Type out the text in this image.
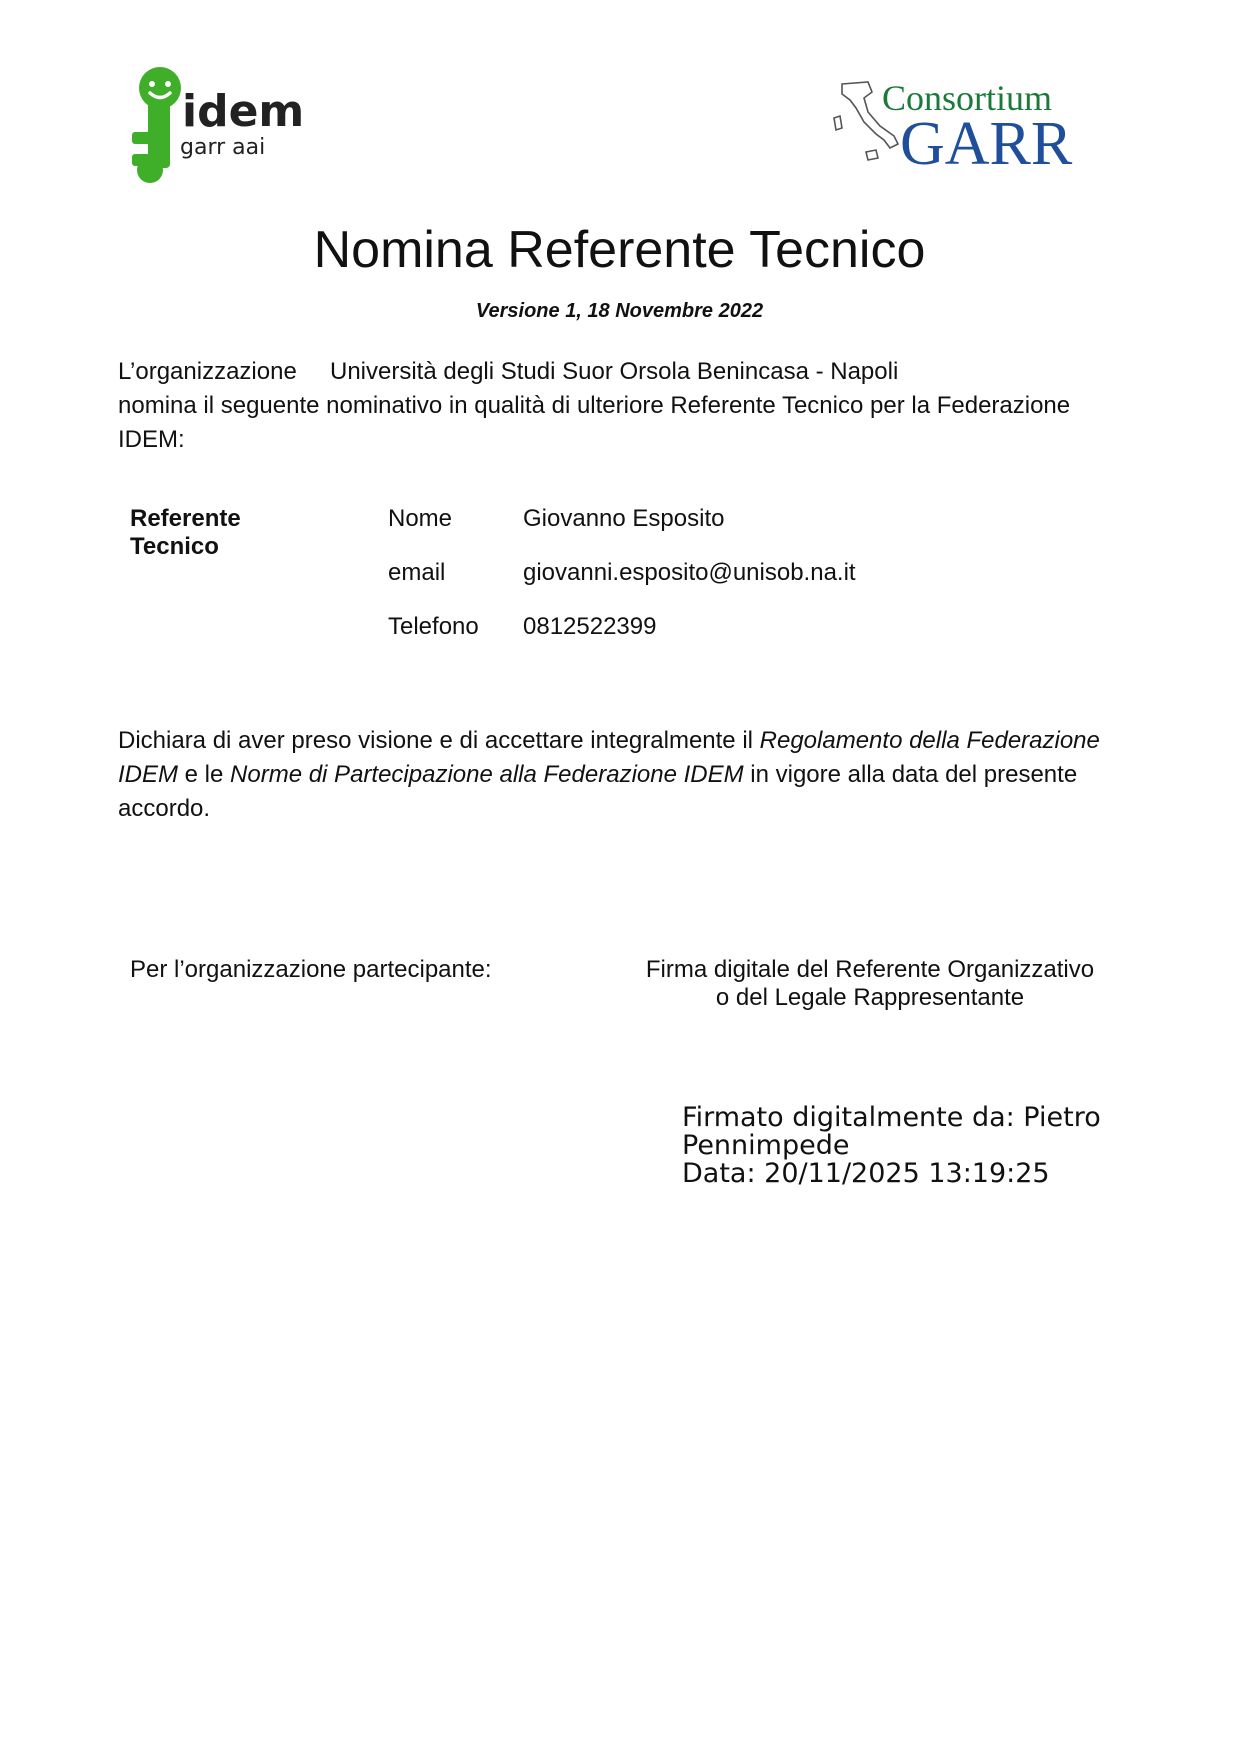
idem
garr aai
Consortium
GARR
Nomina Referente Tecnico
Versione 1, 18 Novembre 2022
L’organizzazione Università degli Studi Suor Orsola Benincasa - Napoli
nomina il seguente nominativo in qualità di ulteriore Referente Tecnico per la Federazione IDEM:
Referente Tecnico
Nome	Giovanno Esposito
email	giovanni.esposito@unisob.na.it
Telefono 0812522399
Dichiara di aver preso visione e di accettare integralmente il Regolamento della Federazione IDEM e le Norme di Partecipazione alla Federazione IDEM in vigore alla data del presente accordo.
Per l’organizzazione partecipante:	Firma digitale del Referente Organizzativo
o del Legale Rappresentante
Firmato digitalmente da: Pietro
Pennimpede
Data: 20/11/2025 13:19:25
